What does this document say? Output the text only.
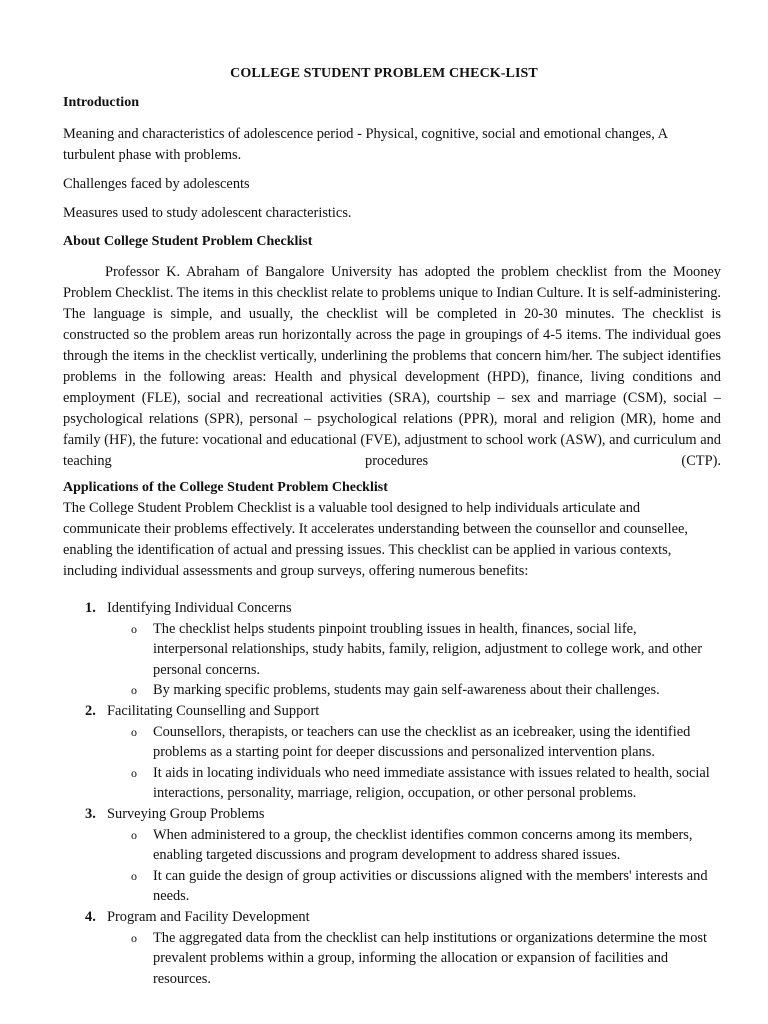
COLLEGE STUDENT PROBLEM CHECK-LIST
Introduction

Meaning and characteristics of adolescence period - Physical, cognitive, social and emotional changes, A turbulent phase with problems.

Challenges faced by adolescents

Measures used to study adolescent characteristics.

About College Student Problem Checklist

Professor K. Abraham of Bangalore University has adopted the problem checklist from the Mooney Problem Checklist. The items in this checklist relate to problems unique to Indian Culture. It is self-administering. The language is simple, and usually, the checklist will be completed in 20-30 minutes. The checklist is constructed so the problem areas run horizontally across the page in groupings of 4-5 items. The individual goes through the items in the checklist vertically, underlining the problems that concern him/her. The subject identifies problems in the following areas: Health and physical development (HPD), finance, living conditions and employment (FLE), social and recreational activities (SRA), courtship – sex and marriage (CSM), social –psychological relations (SPR), personal – psychological relations (PPR), moral and religion (MR), home and family (HF), the future: vocational and educational (FVE), adjustment to school work (ASW), and curriculum and teaching procedures (CTP).

Applications of the College Student Problem Checklist

The College Student Problem Checklist is a valuable tool designed to help individuals articulate and communicate their problems effectively. It accelerates understanding between the counsellor and counsellee, enabling the identification of actual and pressing issues. This checklist can be applied in various contexts, including individual assessments and group surveys, offering numerous benefits:

1. Identifying Individual Concerns
o The checklist helps students pinpoint troubling issues in health, finances, social life, interpersonal relationships, study habits, family, religion, adjustment to college work, and other personal concerns.
o By marking specific problems, students may gain self-awareness about their challenges.
2. Facilitating Counselling and Support
o Counsellors, therapists, or teachers can use the checklist as an icebreaker, using the identified problems as a starting point for deeper discussions and personalized intervention plans.
o It aids in locating individuals who need immediate assistance with issues related to health, social interactions, personality, marriage, religion, occupation, or other personal problems.
3. Surveying Group Problems
o When administered to a group, the checklist identifies common concerns among its members, enabling targeted discussions and program development to address shared issues.
o It can guide the design of group activities or discussions aligned with the members' interests and needs.
4. Program and Facility Development
o The aggregated data from the checklist can help institutions or organizations determine the most prevalent problems within a group, informing the allocation or expansion of facilities and resources.
